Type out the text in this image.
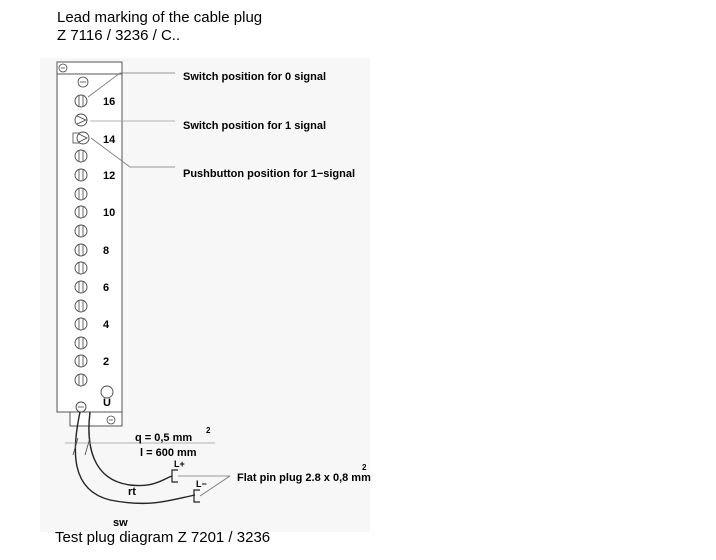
Lead marking of the cable plug
Z 7116 / 3236 / C..
16
14
12
10
8
6
4
2
U
Switch position for 0 signal
Switch position for 1 signal
Pushbutton position for 1−signal
q = 0,5 mm
2
l = 600 mm
rt
sw
L+
L−	Flat pin plug 2.8 x 0,8 mm
2
Test plug diagram Z 7201 / 3236
